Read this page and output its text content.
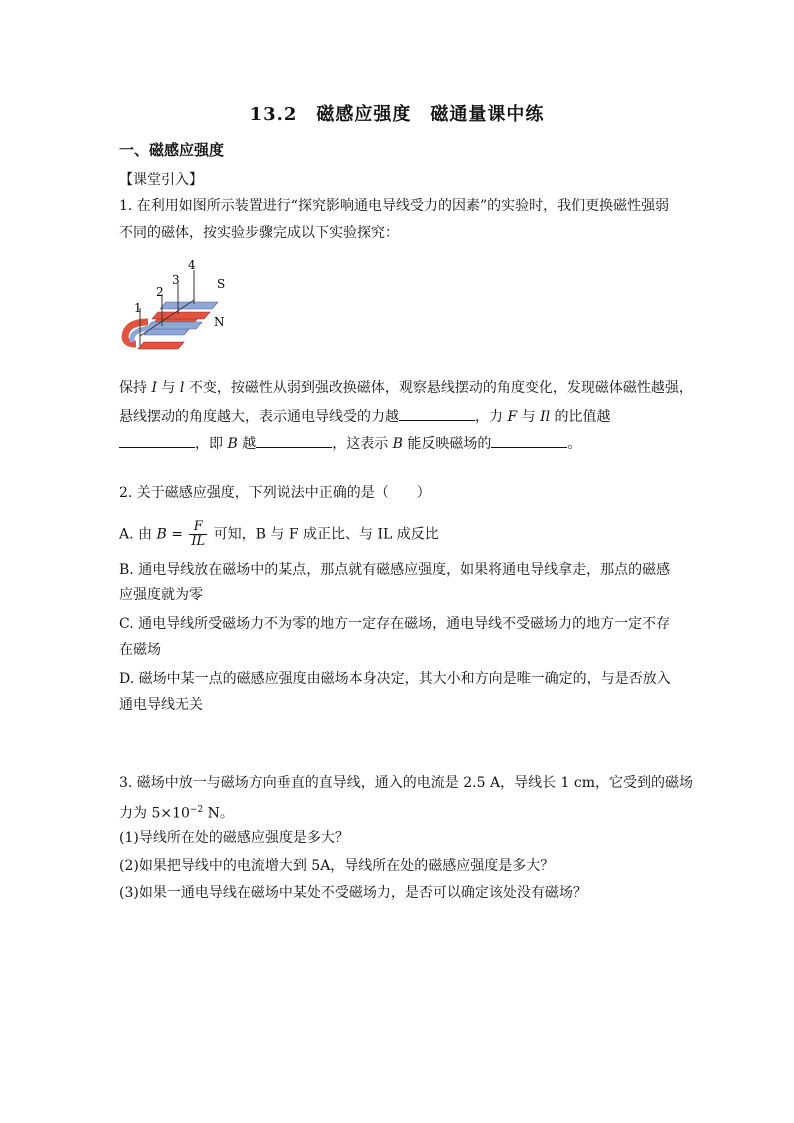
13.2　磁感应强度　磁通量课中练
一、磁感应强度
【课堂引入】
1. 在利用如图所示装置进行“探究影响通电导线受力的因素”的实验时，我们更换磁性强弱
不同的磁体，按实验步骤完成以下实验探究：
1
2
3
4
S
N
保持 I 与 l 不变，按磁性从弱到强改换磁体，观察悬线摆动的角度变化，发现磁体磁性越强，
悬线摆动的角度越大，表示通电导线受的力越	，力 F 与 Il 的比值越
，即 B 越	，这表示 B 能反映磁场的	。
2. 关于磁感应强度，下列说法中正确的是（　　）
A. 由 $B = \frac{F}{IL}$ 可知，B 与 F 成正比、与 IL 成反比
B. 通电导线放在磁场中的某点，那点就有磁感应强度，如果将通电导线拿走，那点的磁感
应强度就为零
C. 通电导线所受磁场力不为零的地方一定存在磁场，通电导线不受磁场力的地方一定不存
在磁场
D. 磁场中某一点的磁感应强度由磁场本身决定，其大小和方向是唯一确定的，与是否放入
通电导线无关
3. 磁场中放一与磁场方向垂直的直导线，通入的电流是 2.5 A，导线长 1 cm，它受到的磁场
力为 $5\times 10^{-2}$ N。
(1)导线所在处的磁感应强度是多大？
(2)如果把导线中的电流增大到 5A，导线所在处的磁感应强度是多大？
(3)如果一通电导线在磁场中某处不受磁场力，是否可以确定该处没有磁场？
